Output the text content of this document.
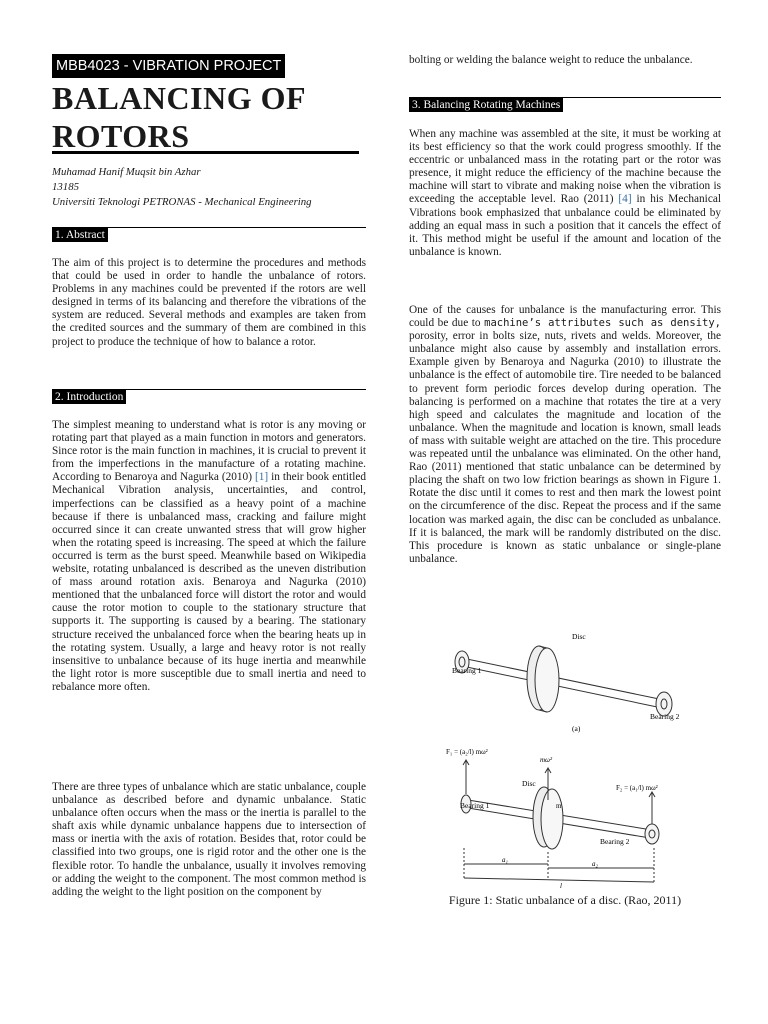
MBB4023 - VIBRATION PROJECT
BALANCING OF
ROTORS

Muhamad Hanif Muqsit bin Azhar

13185

Universiti Teknologi PETRONAS - Mechanical Engineering

1. Abstract

The aim of this project is to determine the procedures and methods that could be used in order to handle the unbalance of rotors. Problems in any machines could be prevented if the rotors are well designed in terms of its balancing and therefore the vibrations of the system are reduced. Several methods and examples are taken from the credited sources and the summary of them are combined in this project to produce the technique of how to balance a rotor.

2. Introduction

The simplest meaning to understand what is rotor is any moving or rotating part that played as a main function in motors and generators. Since rotor is the main function in machines, it is crucial to prevent it from the imperfections in the manufacture of a rotating machine. According to Benaroya and Nagurka (2010) [1] in their book entitled Mechanical Vibration analysis, uncertainties, and control, imperfections can be classified as a heavy point of a machine because if there is unbalanced mass, cracking and failure might occurred since it can create unwanted stress that will grow higher when the rotating speed is increasing. The speed at which the failure occurred is term as the burst speed. Meanwhile based on Wikipedia website, rotating unbalanced is described as the uneven distribution of mass around rotation axis. Benaroya and Nagurka (2010) mentioned that the unbalanced force will distort the rotor and would cause the rotor motion to couple to the stationary structure that supports it. The supporting is caused by a bearing. The stationary structure received the unbalanced force when the bearing heats up in the rotating system. Usually, a large and heavy rotor is not really insensitive to unbalance because of its huge inertia and meanwhile the light rotor is more susceptible due to small inertia and need to rebalance more often.

There are three types of unbalance which are static unbalance, couple unbalance as described before and dynamic unbalance. Static unbalance often occurs when the mass or the inertia is parallel to the shaft axis while dynamic unbalance happens due to intersection of mass or inertia with the axis of rotation. Besides that, rotor could be classified into two groups, one is rigid rotor and the other one is the flexible rotor. To handle the unbalance, usually it involves removing or adding the weight to the component. The most common method is adding the weight to the light position on the component by

bolting or welding the balance weight to reduce the unbalance.

3. Balancing Rotating Machines

When any machine was assembled at the site, it must be working at its best efficiency so that the work could progress smoothly. If the eccentric or unbalanced mass in the rotating part or the rotor was presence, it might reduce the efficiency of the machine because the machine will start to vibrate and making noise when the vibration is exceeding the acceptable level. Rao (2011) [4] in his Mechanical Vibrations book emphasized that unbalance could be eliminated by adding an equal mass in such a position that it cancels the effect of it. This method might be useful if the amount and location of the unbalance is known.

One of the causes for unbalance is the manufacturing error. This could be due to machine’s attributes such as density, porosity, error in bolts size, nuts, rivets and welds. Moreover, the unbalance might also cause by assembly and installation errors. Example given by Benaroya and Nagurka (2010) to illustrate the unbalance is the effect of automobile tire. Tire needed to be balanced to prevent form periodic forces develop during operation. The balancing is performed on a machine that rotates the tire at a very high speed and calculates the magnitude and location of the unbalance. When the magnitude and location is known, small leads of mass with suitable weight are attached on the tire. This procedure was repeated until the unbalance was eliminated. On the other hand, Rao (2011) mentioned that static unbalance can be determined by placing the shaft on two low friction bearings as shown in Figure 1. Rotate the disc until it comes to rest and then mark the lowest point on the circumference of the disc. Repeat the process and if the same location was marked again, the disc can be concluded as unbalance. If it is balanced, the mark will be randomly distributed on the disc. This procedure is known as static unbalance or single-plane unbalance.

Disc
Bearing 1
Bearing 2
(a)
F₁ = (a₂/l) mω²
mω²
Disc
m
F₂ = (a₁/l) mω²
Bearing 1
Bearing 2
a₁	a₂
l

Figure 1: Static unbalance of a disc. (Rao, 2011)
